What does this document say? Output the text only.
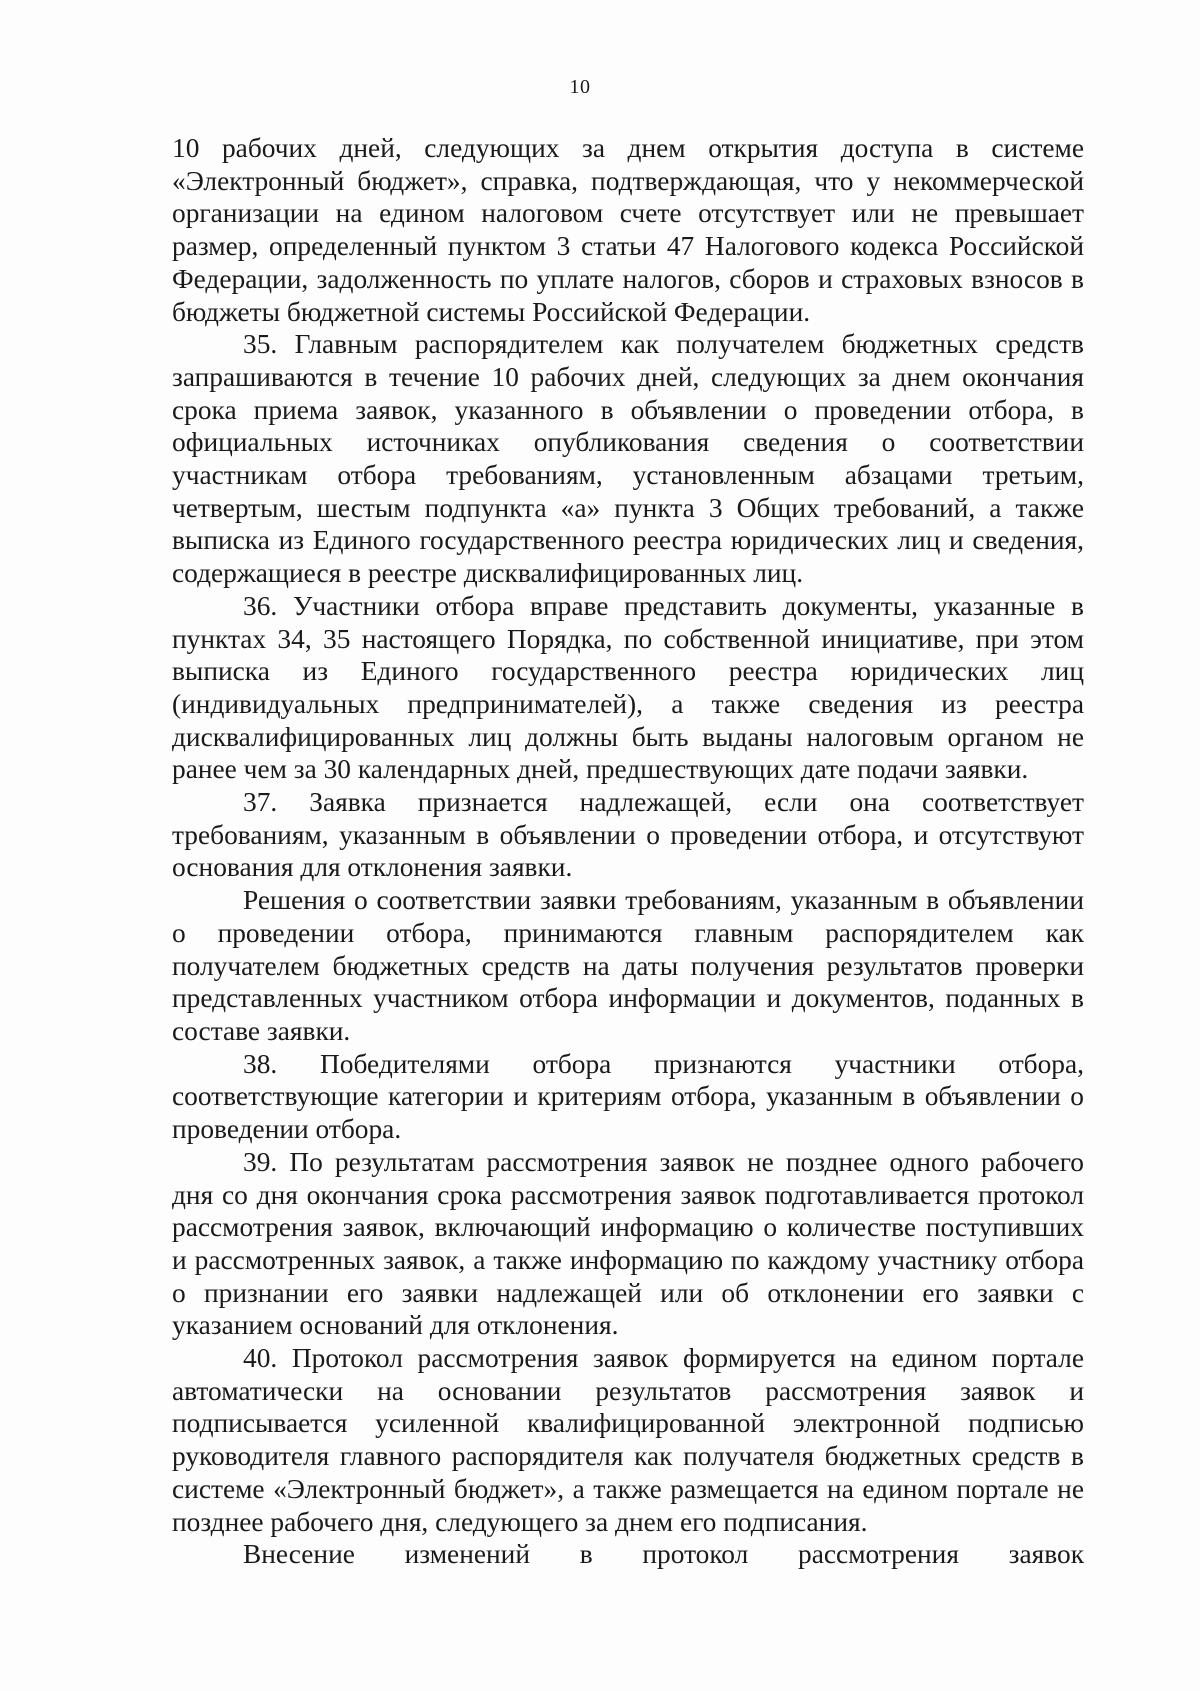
10

10 рабочих дней, следующих за днем открытия доступа в системе «Электронный бюджет», справка, подтверждающая, что у некоммерческой организации на едином налоговом счете отсутствует или не превышает размер, определенный пунктом 3 статьи 47 Налогового кодекса Российской Федерации, задолженность по уплате налогов, сборов и страховых взносов в бюджеты бюджетной системы Российской Федерации.

35. Главным распорядителем как получателем бюджетных средств запрашиваются в течение 10 рабочих дней, следующих за днем окончания срока приема заявок, указанного в объявлении о проведении отбора, в официальных источниках опубликования сведения о соответствии участникам отбора требованиям, установленным абзацами третьим, четвертым, шестым подпункта «а» пункта 3 Общих требований, а также выписка из Единого государственного реестра юридических лиц и сведения, содержащиеся в реестре дисквалифицированных лиц.

36. Участники отбора вправе представить документы, указанные в пунктах 34, 35 настоящего Порядка, по собственной инициативе, при этом выписка из Единого государственного реестра юридических лиц (индивидуальных предпринимателей), а также сведения из реестра дисквалифицированных лиц должны быть выданы налоговым органом не ранее чем за 30 календарных дней, предшествующих дате подачи заявки.

37. Заявка признается надлежащей, если она соответствует требованиям, указанным в объявлении о проведении отбора, и отсутствуют основания для отклонения заявки.

Решения о соответствии заявки требованиям, указанным в объявлении о проведении отбора, принимаются главным распорядителем как получателем бюджетных средств на даты получения результатов проверки представленных участником отбора информации и документов, поданных в составе заявки.

38. Победителями отбора признаются участники отбора, соответствующие категории и критериям отбора, указанным в объявлении о проведении отбора.

39. По результатам рассмотрения заявок не позднее одного рабочего дня со дня окончания срока рассмотрения заявок подготавливается протокол рассмотрения заявок, включающий информацию о количестве поступивших и рассмотренных заявок, а также информацию по каждому участнику отбора о признании его заявки надлежащей или об отклонении его заявки с указанием оснований для отклонения.

40. Протокол рассмотрения заявок формируется на едином портале автоматически на основании результатов рассмотрения заявок и подписывается усиленной квалифицированной электронной подписью руководителя главного распорядителя как получателя бюджетных средств в системе «Электронный бюджет», а также размещается на едином портале не позднее рабочего дня, следующего за днем его подписания.

Внесение изменений в протокол рассмотрения заявок
